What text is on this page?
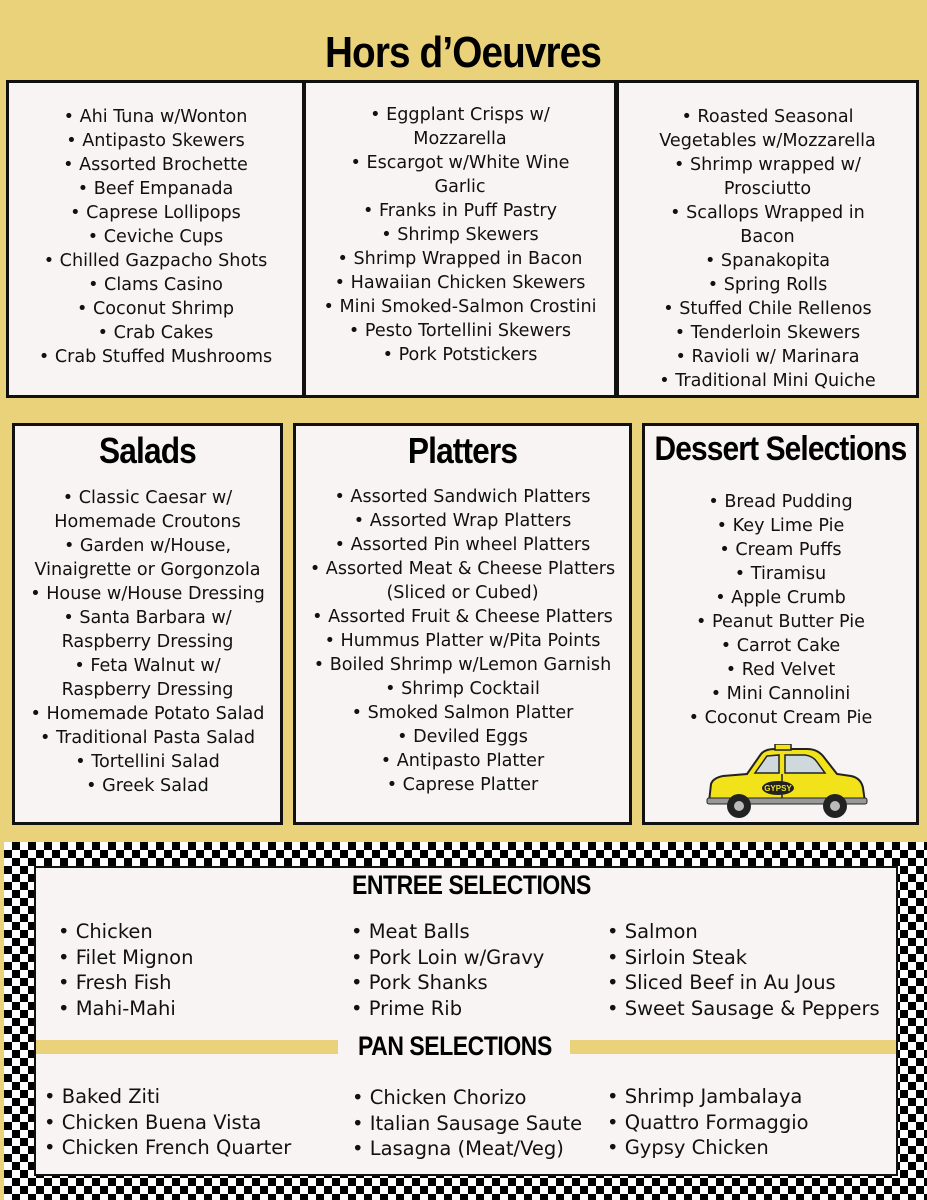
Hors d’Oeuvres
• Ahi Tuna w/Wonton
• Antipasto Skewers
• Assorted Brochette
• Beef Empanada
• Caprese Lollipops
• Ceviche Cups
• Chilled Gazpacho Shots
• Clams Casino
• Coconut Shrimp
• Crab Cakes
• Crab Stuffed Mushrooms
• Eggplant Crisps w/
Mozzarella
• Escargot w/White Wine
Garlic
• Franks in Puff Pastry
• Shrimp Skewers
• Shrimp Wrapped in Bacon
• Hawaiian Chicken Skewers
• Mini Smoked-Salmon Crostini
• Pesto Tortellini Skewers
• Pork Potstickers
• Roasted Seasonal
Vegetables w/Mozzarella
• Shrimp wrapped w/
Prosciutto
• Scallops Wrapped in
Bacon
• Spanakopita
• Spring Rolls
• Stuffed Chile Rellenos
• Tenderloin Skewers
• Ravioli w/ Marinara
• Traditional Mini Quiche
Salads
• Classic Caesar w/
Homemade Croutons
• Garden w/House,
Vinaigrette or Gorgonzola
• House w/House Dressing
• Santa Barbara w/
Raspberry Dressing
• Feta Walnut w/
Raspberry Dressing
• Homemade Potato Salad
• Traditional Pasta Salad
• Tortellini Salad
• Greek Salad
Platters
• Assorted Sandwich Platters
• Assorted Wrap Platters
• Assorted Pin wheel Platters
• Assorted Meat & Cheese Platters
(Sliced or Cubed)
• Assorted Fruit & Cheese Platters
• Hummus Platter w/Pita Points
• Boiled Shrimp w/Lemon Garnish
• Shrimp Cocktail
• Smoked Salmon Platter
• Deviled Eggs
• Antipasto Platter
• Caprese Platter
Dessert Selections
• Bread Pudding
• Key Lime Pie
• Cream Puffs
• Tiramisu
• Apple Crumb
• Peanut Butter Pie
• Carrot Cake
• Red Velvet
• Mini Cannolini
• Coconut Cream Pie
GYPSY
ENTREE SELECTIONS
• Chicken
• Filet Mignon
• Fresh Fish
• Mahi-Mahi
• Meat Balls
• Pork Loin w/Gravy
• Pork Shanks
• Prime Rib
• Salmon
• Sirloin Steak
• Sliced Beef in Au Jous
• Sweet Sausage & Peppers
PAN SELECTIONS
• Baked Ziti
• Chicken Buena Vista
• Chicken French Quarter
• Chicken Chorizo
• Italian Sausage Saute
• Lasagna (Meat/Veg)
• Shrimp Jambalaya
• Quattro Formaggio
• Gypsy Chicken
